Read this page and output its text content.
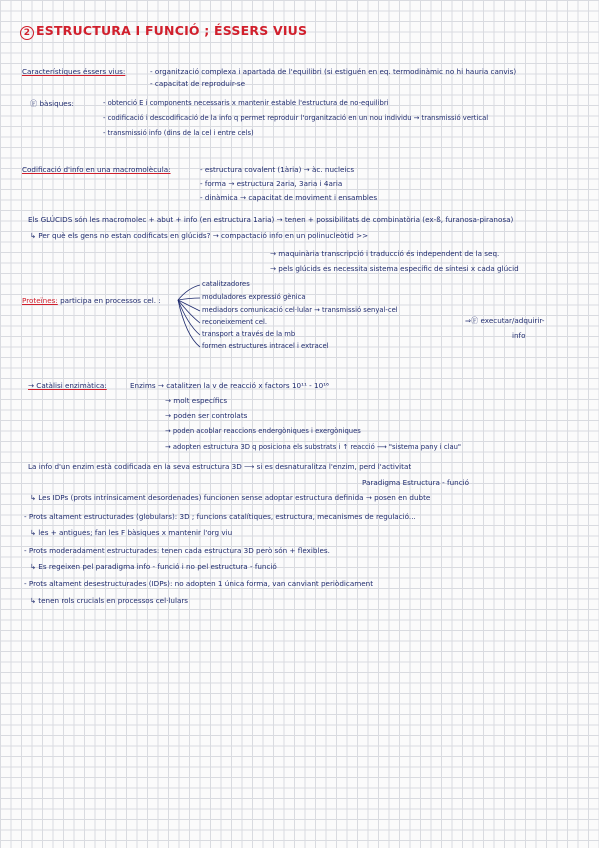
2 ESTRUCTURA I FUNCIÓ ; ÉSSERS VIUS
Característiques éssers vius:	- organització complexa i apartada de l'equilibri (si estiguén en eq. termodinàmic no hi hauria canvis)
- capacitat de reproduir-se
Ⓕ bàsiques:	- obtenció E i components necessaris x mantenir estable l'estructura de no-equilibri
- codificació i descodificació de la info q permet reproduir l'organització en un nou individu → transmissió vertical
- transmissió info (dins de la cel i entre cels)
Codificació d'info en una macromolècula:	- estructura covalent (1ària) → àc. nucleics
- forma → estructura 2aria, 3aria i 4aria
- dinàmica → capacitat de moviment i ensambles
Els GLÚCIDS són les macromolec + abut + info (en estructura 1aria) → tenen + possibilitats de combinatòria (ex-ß, furanosa-piranosa)
↳ Per què els gens no estan codificats en glúcids? → compactació info en un polinucleòtid >>
→ maquinària transcripció i traducció és independent de la seq.
→ pels glúcids es necessita sistema específic de síntesi x cada glúcid
Proteïnes: participa en processos cel. :
catalitzadores
moduladores expressió gènica
mediadors comunicació cel·lular → transmissió senyal-cel
reconeixement cel.
transport a través de la mb
formen estructures intracel i extracel
⇒Ⓕ executar/adquirir-
info
→ Catàlisi enzimàtica:	Enzims → catalitzen la v de reacció x factors 10¹¹ - 10¹⁶
→ molt específics
→ poden ser controlats
→ poden acoblar reaccions endergòniques i exergòniques
→ adopten estructura 3D q posiciona els substrats i ↑ reacció ⟶ "sistema pany i clau"
La info d'un enzim està codificada en la seva estructura 3D ⟶ si es desnaturalitza l'enzim, perd l'activitat
Paradigma Estructura - funció
↳ Les IDPs (prots intrínsicament desordenades) funcionen sense adoptar estructura definida → posen en dubte
- Prots altament estructurades (globulars): 3D ; funcions catalítiques, estructura, mecanismes de regulació...
↳ les + antigues; fan les F bàsiques x mantenir l'org viu
- Prots moderadament estructurades: tenen cada estructura 3D però són + flexibles.
↳ Es regeixen pel paradigma info - funció i no pel estructura - funció
- Prots altament desestructurades (IDPs): no adopten 1 única forma, van canviant periòdicament
↳ tenen rols crucials en processos cel·lulars
